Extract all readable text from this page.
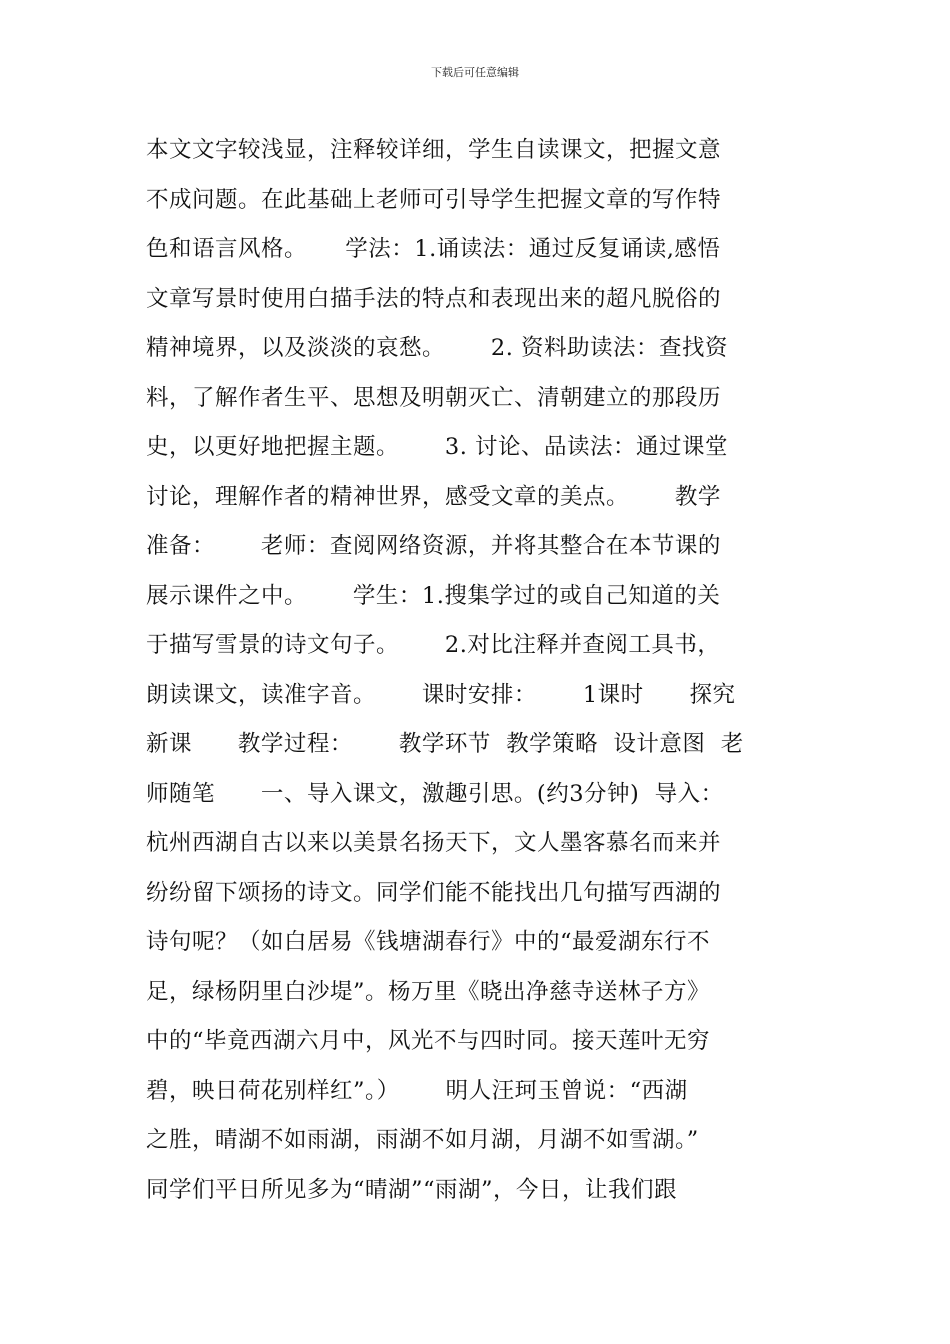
下载后可任意编辑
本文文字较浅显，注释较详细，学生自读课文，把握文意
不成问题。在此基础上老师可引导学生把握文章的写作特
色和语言风格。     学法：1.诵读法：通过反复诵读,感悟
文章写景时使用白描手法的特点和表现出来的超凡脱俗的
精神境界，以及淡淡的哀愁。      2. 资料助读法：查找资
料，了解作者生平、思想及明朝灭亡、清朝建立的那段历
史，以更好地把握主题。      3. 讨论、品读法：通过课堂
讨论，理解作者的精神世界，感受文章的美点。      教学
准备：      老师：查阅网络资源，并将其整合在本节课的
展示课件之中。      学生：1.搜集学过的或自己知道的关
于描写雪景的诗文句子。      2.对比注释并查阅工具书，
朗读课文，读准字音。      课时安排：      1课时      探究
新课      教学过程：      教学环节  教学策略  设计意图  老
师随笔      一、导入课文，激趣引思。(约3分钟)  导入：
杭州西湖自古以来以美景名扬天下，文人墨客慕名而来并
纷纷留下颂扬的诗文。同学们能不能找出几句描写西湖的
诗句呢？（如白居易《钱塘湖春行》中的“最爱湖东行不
足，绿杨阴里白沙堤”。杨万里《晓出净慈寺送林子方》
中的“毕竟西湖六月中，风光不与四时同。接天莲叶无穷
碧，映日荷花别样红”。）      明人汪珂玉曾说：“西湖
之胜，晴湖不如雨湖，雨湖不如月湖，月湖不如雪湖。”
同学们平日所见多为“晴湖”“雨湖”，今日，让我们跟
